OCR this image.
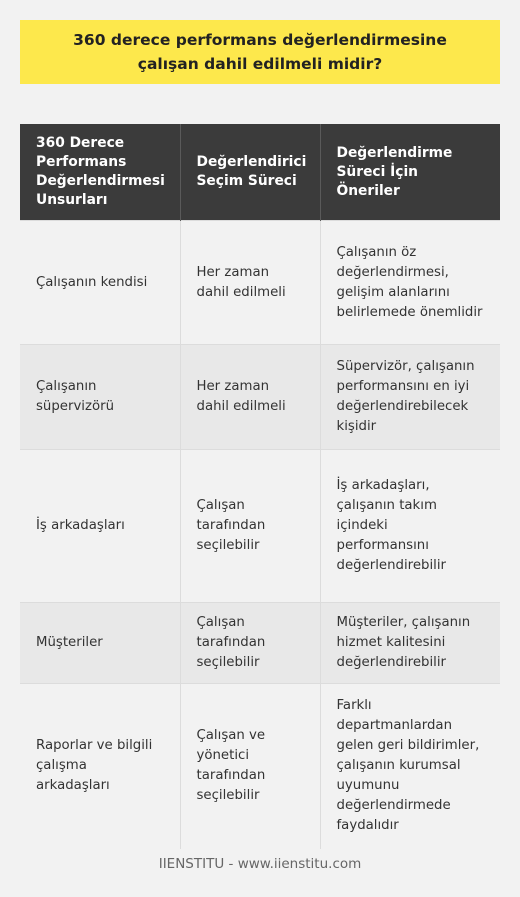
360 derece performans değerlendirmesine çalışan dahil edilmeli midir?
360 Derece Performans Değerlendirmesi Unsurları	Değerlendirici Seçim Süreci	Değerlendirme Süreci İçin Öneriler
Çalışanın kendisi	Her zaman dahil edilmeli	Çalışanın öz değerlendirmesi, gelişim alanlarını belirlemede önemlidir
Çalışanın süpervizörü	Her zaman dahil edilmeli	Süpervizör, çalışanın performansını en iyi değerlendirebilecek kişidir
İş arkadaşları	Çalışan tarafından seçilebilir	İş arkadaşları, çalışanın takım içindeki performansını değerlendirebilir
Müşteriler	Çalışan tarafından seçilebilir	Müşteriler, çalışanın hizmet kalitesini değerlendirebilir
Raporlar ve bilgili çalışma arkadaşları	Çalışan ve yönetici tarafından seçilebilir	Farklı departmanlardan gelen geri bildirimler, çalışanın kurumsal uyumunu değerlendirmede faydalıdır
IIENSTITU - www.iienstitu.com
